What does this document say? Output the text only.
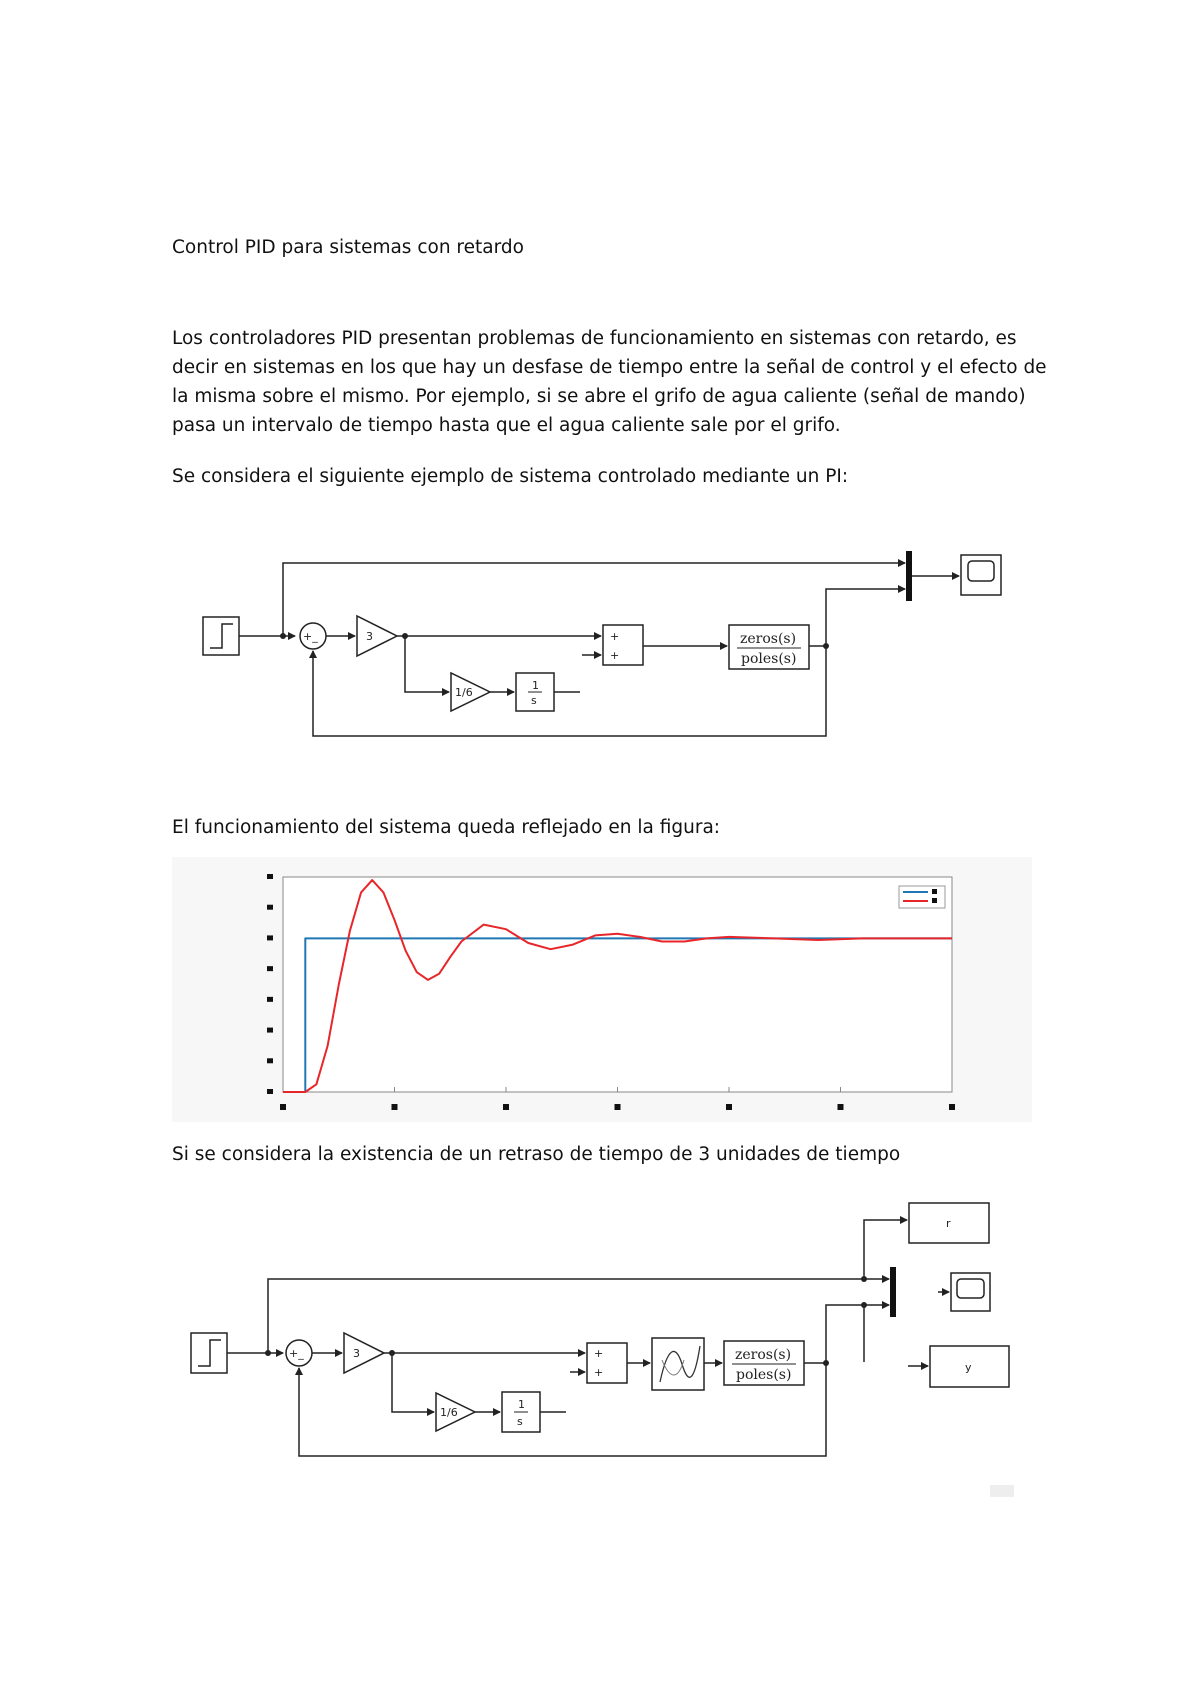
Control PID para sistemas con retardo
Los controladores PID presentan problemas de funcionamiento en sistemas con retardo, es decir en sistemas en los que hay un desfase de tiempo entre la señal de control y el efecto de la misma sobre el mismo. Por ejemplo, si se abre el grifo de agua caliente (señal de mando) pasa un intervalo de tiempo hasta que el agua caliente sale por el grifo.
Se considera el siguiente ejemplo de sistema controlado mediante un PI:
El funcionamiento del sistema queda reflejado en la figura:
Si se considera la existencia de un retraso de tiempo de 3 unidades de tiempo
+_	3
1/6
1
s
+
+
zeros(s)
poles(s)
+_	3
1/6
1
s
+
+
zeros(s)
poles(s)
r
y
